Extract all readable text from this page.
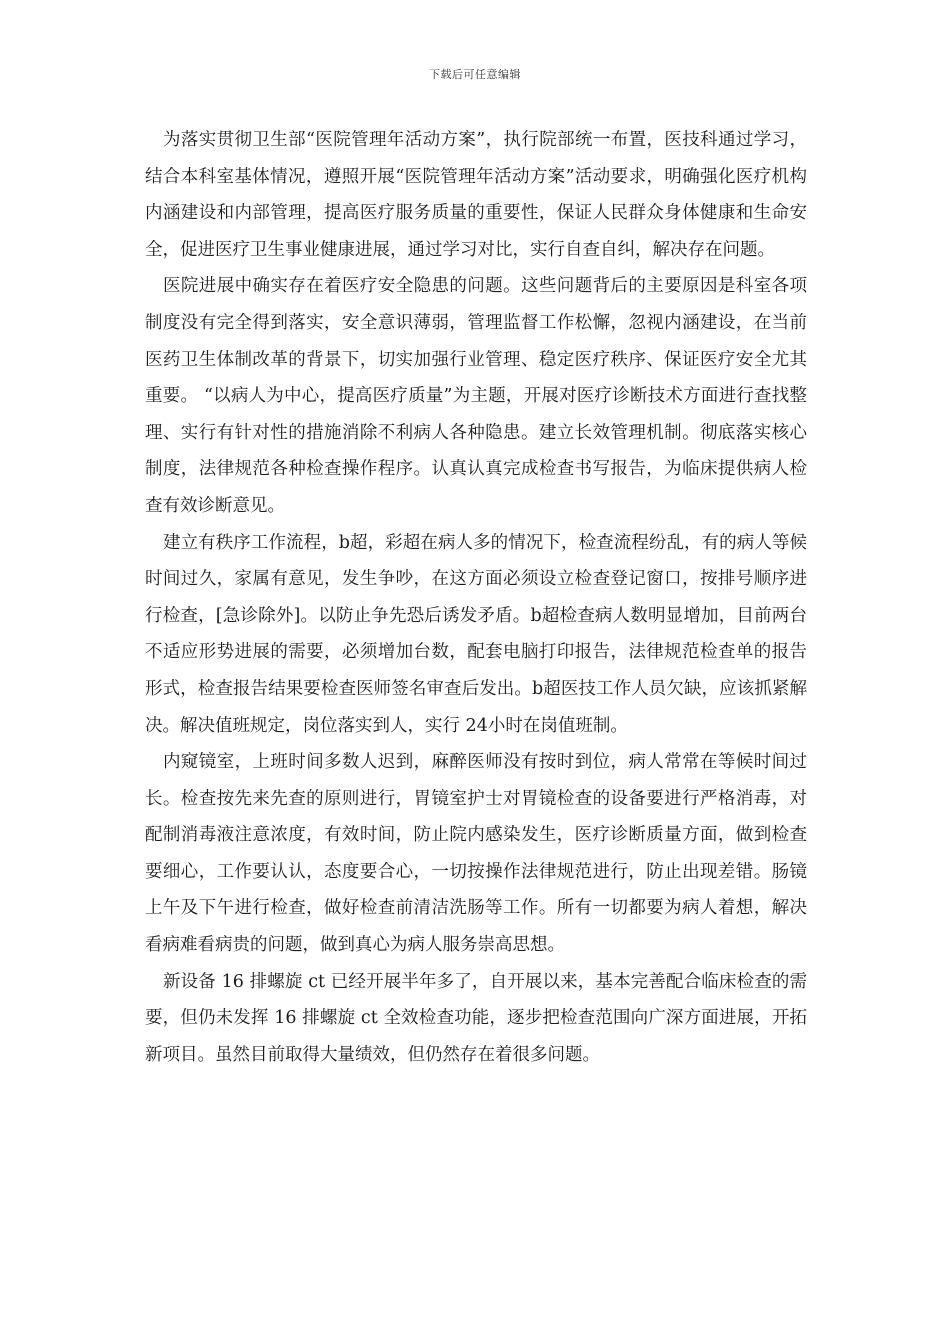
下载后可任意编辑

为落实贯彻卫生部“医院管理年活动方案”，执行院部统一布置，医技科通过学习，结合本科室基体情况，遵照开展“医院管理年活动方案”活动要求，明确强化医疗机构内涵建设和内部管理，提高医疗服务质量的重要性，保证人民群众身体健康和生命安全，促进医疗卫生事业健康进展，通过学习对比，实行自查自纠，解决存在问题。

医院进展中确实存在着医疗安全隐患的问题。这些问题背后的主要原因是科室各项制度没有完全得到落实，安全意识薄弱，管理监督工作松懈，忽视内涵建设，在当前医药卫生体制改革的背景下，切实加强行业管理、稳定医疗秩序、保证医疗安全尤其重要。 “以病人为中心，提高医疗质量”为主题，开展对医疗诊断技术方面进行查找整理、实行有针对性的措施消除不利病人各种隐患。建立长效管理机制。彻底落实核心制度，法律规范各种检查操作程序。认真认真完成检查书写报告，为临床提供病人检查有效诊断意见。

建立有秩序工作流程，b超，彩超在病人多的情况下，检查流程纷乱，有的病人等候时间过久，家属有意见，发生争吵，在这方面必须设立检查登记窗口，按排号顺序进行检查，[急诊除外]。以防止争先恐后诱发矛盾。b超检查病人数明显增加，目前两台不适应形势进展的需要，必须增加台数，配套电脑打印报告，法律规范检查单的报告形式，检查报告结果要检查医师签名审查后发出。b超医技工作人员欠缺，应该抓紧解决。解决值班规定，岗位落实到人，实行 24小时在岗值班制。

内窥镜室，上班时间多数人迟到，麻醉医师没有按时到位，病人常常在等候时间过长。检查按先来先查的原则进行，胃镜室护士对胃镜检查的设备要进行严格消毒，对配制消毒液注意浓度，有效时间，防止院内感染发生，医疗诊断质量方面，做到检查要细心，工作要认认，态度要合心，一切按操作法律规范进行，防止出现差错。肠镜上午及下午进行检查，做好检查前清洁洗肠等工作。所有一切都要为病人着想，解决看病难看病贵的问题，做到真心为病人服务崇高思想。

新设备 16 排螺旋 ct 已经开展半年多了，自开展以来，基本完善配合临床检查的需要，但仍未发挥 16 排螺旋 ct 全效检查功能，逐步把检查范围向广深方面进展，开拓新项目。虽然目前取得大量绩效，但仍然存在着很多问题。
